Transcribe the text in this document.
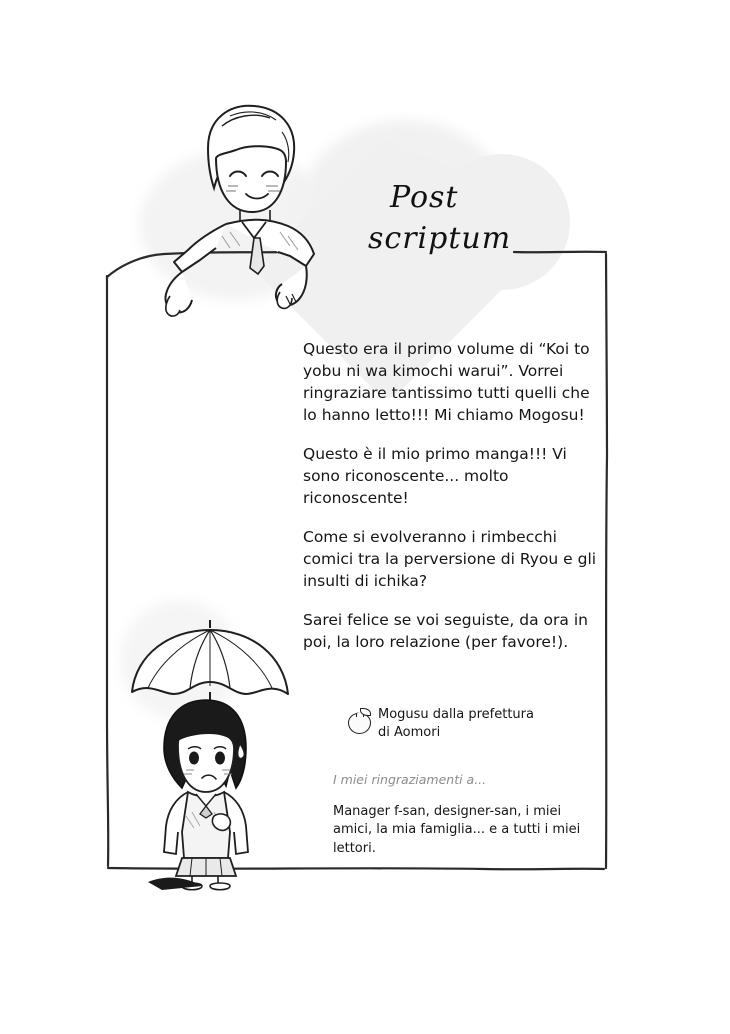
Post
scriptum

Questo era il primo volume di “Koi to yobu ni wa kimochi warui”. Vorrei ringraziare tantissimo tutti quelli che lo hanno letto!!! Mi chiamo Mogosu!

Questo è il mio primo manga!!! Vi sono riconoscente... molto riconoscente!

Come si evolveranno i rimbecchi comici tra la perversione di Ryou e gli insulti di ichika?

Sarei felice se voi seguiste, da ora in poi, la loro relazione (per favore!).

Mogusu dalla prefettura
di Aomori
I miei ringraziamenti a...
Manager f-san, designer-san, i miei amici, la mia famiglia... e a tutti i miei lettori.
